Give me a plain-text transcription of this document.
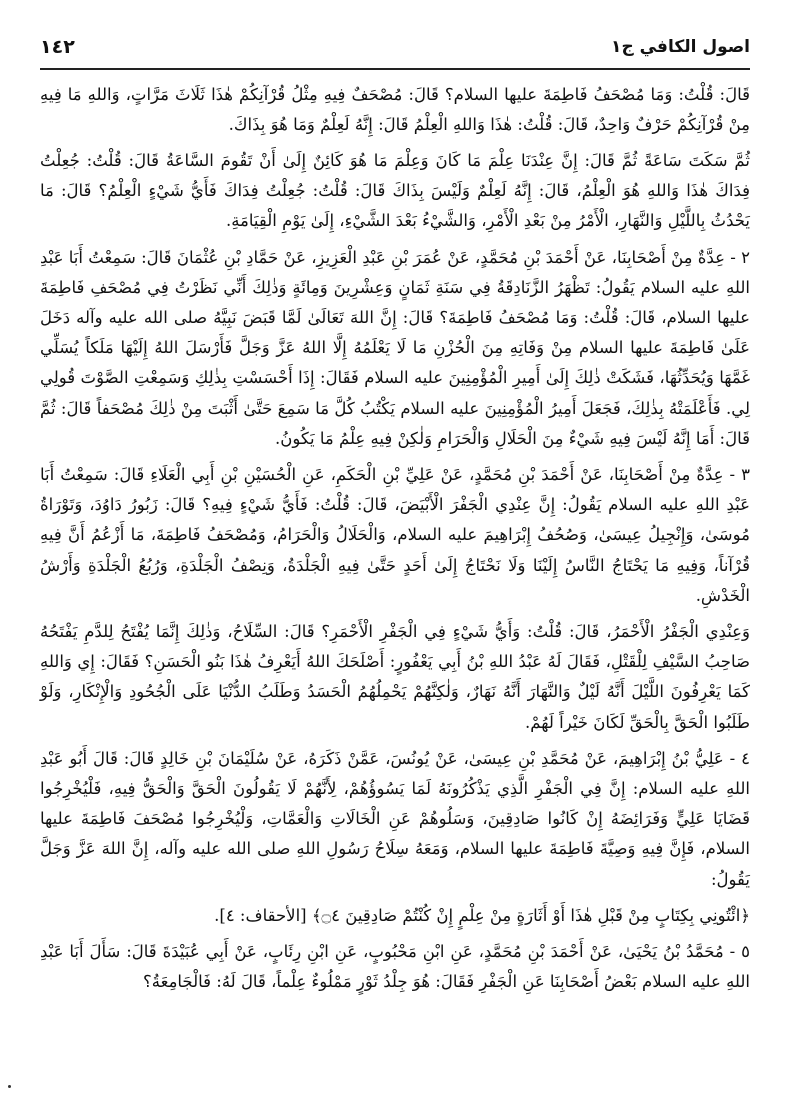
اصول الكافي ج۱
۱٤۲

قَالَ: قُلْتُ: وَمَا مُصْحَفُ فَاطِمَةَ عليها السلام؟ قَالَ: مُصْحَفٌ فِيهِ مِثْلُ قُرْآنِكُمْ هٰذَا ثَلَاثَ مَرَّاتٍ، وَاللهِ مَا فِيهِ مِنْ قُرْآنِكُمْ حَرْفٌ وَاحِدٌ، قَالَ: قُلْتُ: هٰذَا وَاللهِ الْعِلْمُ قَالَ: إِنَّهُ لَعِلْمٌ وَمَا هُوَ بِذَاكَ.

ثُمَّ سَكَتَ سَاعَةً ثُمَّ قَالَ: إِنَّ عِنْدَنَا عِلْمَ مَا كَانَ وَعِلْمَ مَا هُوَ كَائِنٌ إِلَىٰ أَنْ تَقُومَ السَّاعَةُ قَالَ: قُلْتُ: جُعِلْتُ فِدَاكَ هٰذَا وَاللهِ هُوَ الْعِلْمُ، قَالَ: إِنَّهُ لَعِلْمٌ وَلَيْسَ بِذَاكَ قَالَ: قُلْتُ: جُعِلْتُ فِدَاكَ فَأَيُّ شَيْءٍ الْعِلْمُ؟ قَالَ: مَا يَحْدُثُ بِاللَّيْلِ وَالنَّهَارِ، الْأَمْرُ مِنْ بَعْدِ الْأَمْرِ، وَالشَّيْءُ بَعْدَ الشَّيْءِ، إِلَىٰ يَوْمِ الْقِيَامَةِ.

٢ - عِدَّةٌ مِنْ أَصْحَابِنَا، عَنْ أَحْمَدَ بْنِ مُحَمَّدٍ، عَنْ عُمَرَ بْنِ عَبْدِ الْعَزِيزِ، عَنْ حَمَّادِ بْنِ عُثْمَانَ قَالَ: سَمِعْتُ أَبَا عَبْدِ اللهِ عليه السلام يَقُولُ: تَظْهَرُ الزَّنَادِقَةُ فِي سَنَةِ ثَمَانٍ وَعِشْرِينَ وَمِائَةٍ وَذٰلِكَ أَنِّي نَظَرْتُ فِي مُصْحَفِ فَاطِمَةَ عليها السلام، قَالَ: قُلْتُ: وَمَا مُصْحَفُ فَاطِمَةَ؟ قَالَ: إِنَّ اللهَ تَعَالَىٰ لَمَّا قَبَضَ نَبِيَّهُ صلى الله عليه وآله دَخَلَ عَلَىٰ فَاطِمَةَ عليها السلام مِنْ وَفَاتِهِ مِنَ الْحُزْنِ مَا لَا يَعْلَمُهُ إِلَّا اللهُ عَزَّ وَجَلَّ فَأَرْسَلَ اللهُ إِلَيْهَا مَلَكاً يُسَلِّي غَمَّهَا وَيُحَدِّثُهَا، فَشَكَتْ ذٰلِكَ إِلَىٰ أَمِيرِ الْمُؤْمِنِينَ عليه السلام فَقَالَ: إِذَا أَحْسَسْتِ بِذٰلِكِ وَسَمِعْتِ الصَّوْتَ قُولِي لِي. فَأَعْلَمَتْهُ بِذٰلِكَ، فَجَعَلَ أَمِيرُ الْمُؤْمِنِينَ عليه السلام يَكْتُبُ كُلَّ مَا سَمِعَ حَتَّىٰ أَثْبَتَ مِنْ ذٰلِكَ مُصْحَفاً قَالَ: ثُمَّ قَالَ: أَمَا إِنَّهُ لَيْسَ فِيهِ شَيْءٌ مِنَ الْحَلَالِ وَالْحَرَامِ وَلٰكِنْ فِيهِ عِلْمُ مَا يَكُونُ.

٣ - عِدَّةٌ مِنْ أَصْحَابِنَا، عَنْ أَحْمَدَ بْنِ مُحَمَّدٍ، عَنْ عَلِيِّ بْنِ الْحَكَمِ، عَنِ الْحُسَيْنِ بْنِ أَبِي الْعَلَاءِ قَالَ: سَمِعْتُ أَبَا عَبْدِ اللهِ عليه السلام يَقُولُ: إِنَّ عِنْدِي الْجَفْرَ الْأَبْيَضَ، قَالَ: قُلْتُ: فَأَيُّ شَيْءٍ فِيهِ؟ قَالَ: زَبُورُ دَاوُدَ، وَتَوْرَاةُ مُوسَىٰ، وَإِنْجِيلُ عِيسَىٰ، وَصُحُفُ إِبْرَاهِيمَ عليه السلام، وَالْحَلَالُ وَالْحَرَامُ، وَمُصْحَفُ فَاطِمَةَ، مَا أَزْعُمُ أَنَّ فِيهِ قُرْآناً، وَفِيهِ مَا يَحْتَاجُ النَّاسُ إِلَيْنَا وَلَا نَحْتَاجُ إِلَىٰ أَحَدٍ حَتَّىٰ فِيهِ الْجَلْدَةُ، وَنِصْفُ الْجَلْدَةِ، وَرُبُعُ الْجَلْدَةِ وَأَرْشُ الْخَدْشِ.

وَعِنْدِي الْجَفْرُ الْأَحْمَرُ، قَالَ: قُلْتُ: وَأَيُّ شَيْءٍ فِي الْجَفْرِ الْأَحْمَرِ؟ قَالَ: السِّلَاحُ، وَذٰلِكَ إِنَّمَا يُفْتَحُ لِلدَّمِ يَفْتَحُهُ صَاحِبُ السَّيْفِ لِلْقَتْلِ، فَقَالَ لَهُ عَبْدُ اللهِ بْنُ أَبِي يَعْفُورٍ: أَصْلَحَكَ اللهُ أَيَعْرِفُ هٰذَا بَنُو الْحَسَنِ؟ فَقَالَ: إِي وَاللهِ كَمَا يَعْرِفُونَ اللَّيْلَ أَنَّهُ لَيْلٌ وَالنَّهَارَ أَنَّهُ نَهَارٌ، وَلٰكِنَّهُمْ يَحْمِلُهُمُ الْحَسَدُ وَطَلَبُ الدُّنْيَا عَلَى الْجُحُودِ وَالْإِنْكَارِ، وَلَوْ طَلَبُوا الْحَقَّ بِالْحَقِّ لَكَانَ خَيْراً لَهُمْ.

٤ - عَلِيُّ بْنُ إِبْرَاهِيمَ، عَنْ مُحَمَّدِ بْنِ عِيسَىٰ، عَنْ يُونُسَ، عَمَّنْ ذَكَرَهُ، عَنْ سُلَيْمَانَ بْنِ خَالِدٍ قَالَ: قَالَ أَبُو عَبْدِ اللهِ عليه السلام: إِنَّ فِي الْجَفْرِ الَّذِي يَذْكُرُونَهُ لَمَا يَسُوؤُهُمْ، لِأَنَّهُمْ لَا يَقُولُونَ الْحَقَّ وَالْحَقُّ فِيهِ، فَلْيُخْرِجُوا قَضَايَا عَلِيٍّ وَفَرَائِضَهُ إِنْ كَانُوا صَادِقِينَ، وَسَلُوهُمْ عَنِ الْخَالَاتِ وَالْعَمَّاتِ، وَلْيُخْرِجُوا مُصْحَفَ فَاطِمَةَ عليها السلام، فَإِنَّ فِيهِ وَصِيَّةَ فَاطِمَةَ عليها السلام، وَمَعَهُ سِلَاحُ رَسُولِ اللهِ صلى الله عليه وآله، إِنَّ اللهَ عَزَّ وَجَلَّ يَقُولُ:

﴿ائْتُونِي بِكِتَابٍ مِنْ قَبْلِ هٰذَا أَوْ أَثَارَةٍ مِنْ عِلْمٍ إِنْ كُنْتُمْ صَادِقِينَ ۝٤﴾ [الأحقاف: ٤].

٥ - مُحَمَّدُ بْنُ يَحْيَىٰ، عَنْ أَحْمَدَ بْنِ مُحَمَّدٍ، عَنِ ابْنِ مَحْبُوبٍ، عَنِ ابْنِ رِئَابٍ، عَنْ أَبِي عُبَيْدَةَ قَالَ: سَأَلَ أَبَا عَبْدِ اللهِ عليه السلام بَعْضُ أَصْحَابِنَا عَنِ الْجَفْرِ فَقَالَ: هُوَ جِلْدُ ثَوْرٍ مَمْلُوءٌ عِلْماً، قَالَ لَهُ: فَالْجَامِعَةُ؟
